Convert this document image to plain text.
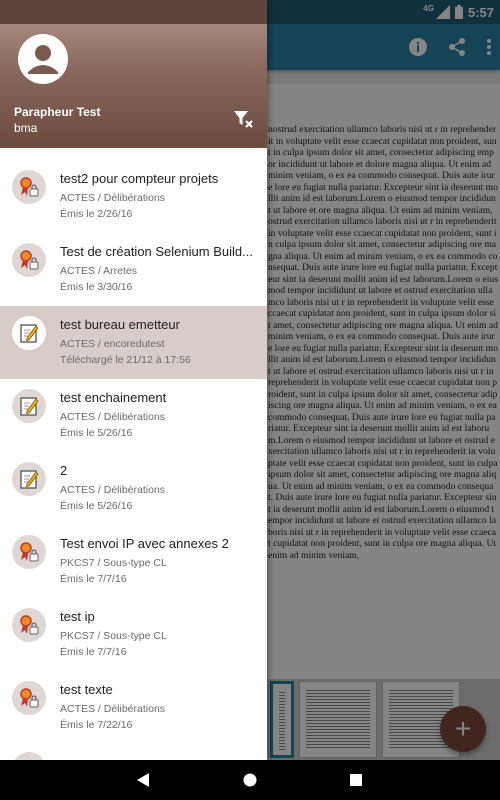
4G	5:57
nostrud exercitation ullamco laboris nisi ut r in reprehenderit in voluptate velit esse ccaecat cupidatat non proident, sunt in culpa ipsum dolor sit amet, consectetur adipiscing empor incididunt ut labore et dolore magna aliqua. Ut enim ad minim veniam, o ex ea commodo consequat. Duis aute irure lore eu fugiat nulla pariatur. Excepteur sint ia deserunt mollit anim id est laborum.Lorem o eiusmod tempor incididunt ut labore et ore magna aliqua. Ut enim ad minim veniam, ostrud exercitation ullamco laboris nisi ut r in reprehenderit in voluptate velit esse ccaecat cupidatat non proident, sunt in culpa ipsum dolor sit amet, consectetur adipiscing ore magna aliqua. Ut enim ad minim veniam, o ex ea commodo consequat. Duis aute irure lore eu fugiat nulla pariatur. Excepteur sint ia deserunt mollit anim id est laborum.Lorem o eiusmod tempor incididunt ut labore et ostrud exercitation ullamco laboris nisi ut r in reprehenderit in voluptate velit esse ccaecat cupidatat non proident, sunt in culpa ipsum dolor sit amet, consectetur adipiscing ore magna aliqua. Ut enim ad minim veniam, o ex ea commodo consequat. Duis aute irure lore eu fugiat nulla pariatur. Excepteur sint ia deserunt mollit anim id est laborum.Lorem o eiusmod tempor incididunt ut labore et ostrud exercitation ullamco laboris nisi ut r in reprehenderit in voluptate velit esse ccaecat cupidatat non proident, sunt in culpa ipsum dolor sit amet, consectetur adipiscing ore magna aliqua. Ut enim ad minim veniam, o ex ea commodo consequat. Duis aute irure lore eu fugiat nulla pariatur. Excepteur sint ia deserunt mollit anim id est laborum.Lorem o eiusmod tempor incididunt ut labore et ostrud exercitation ullamco laboris nisi ut r in reprehenderit in voluptate velit esse ccaecat cupidatat non proident, sunt in culpa ipsum dolor sit amet, consectetur adipiscing ore magna aliqua. Ut enim ad minim veniam, o ex ea commodo consequat. Duis aute irure lore eu fugiat nulla pariatur. Excepteur sint ia deserunt mollit anim id est laborum.Lorem o eiusmod tempor incididunt ut labore et ostrud exercitation ullamco laboris nisi ut r in reprehenderit in voluptate velit esse ccaecat cupidatat non proident, sunt in culpa ore magna aliqua. Ut enim ad minim veniam,
+
Parapheur Test
bma
test2 pour compteur projets
ACTES / Délibérations
Émis le 2/26/16
Test de création Selenium Build...
ACTES / Arretes
Émis le 3/30/16
test bureau emetteur
ACTES / encoredutest
Téléchargé le 21/12 à 17:56
test enchainement
ACTES / Délibérations
Émis le 5/26/16
2
ACTES / Délibérations
Émis le 5/26/16
Test envoi IP avec annexes 2
PKCS7 / Sous-type CL
Émis le 7/7/16
test ip
PKCS7 / Sous-type CL
Émis le 7/7/16
test texte
ACTES / Délibérations
Émis le 7/22/16
